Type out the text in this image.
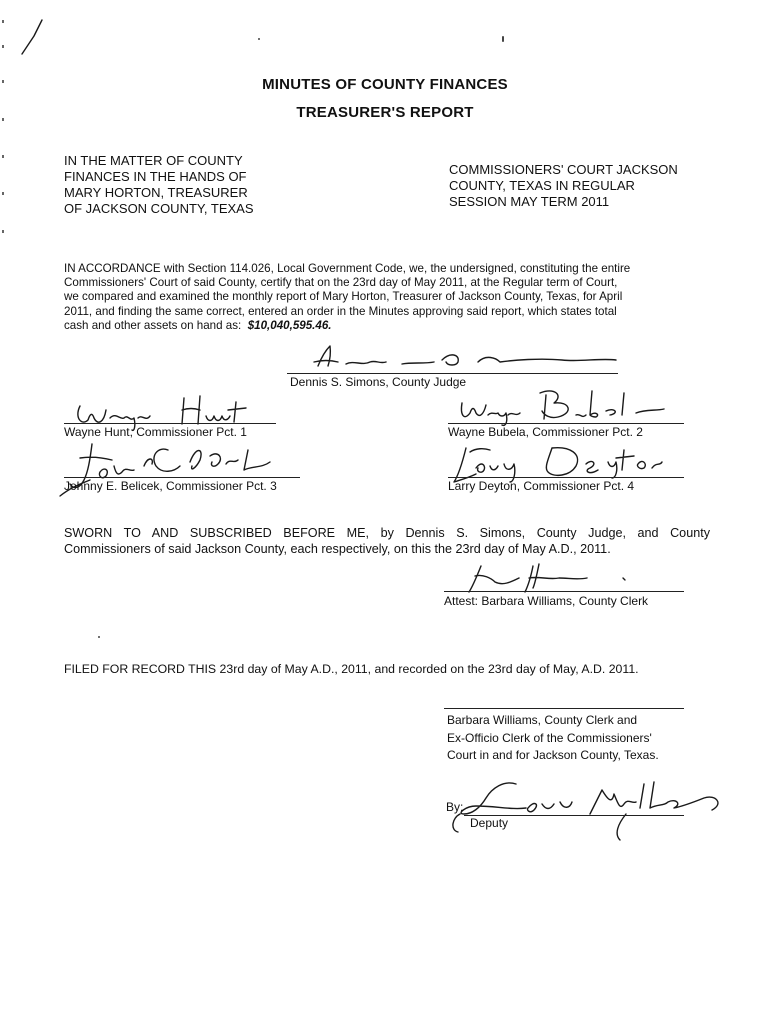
MINUTES OF COUNTY FINANCES
TREASURER'S REPORT
IN THE MATTER OF COUNTY
FINANCES IN THE HANDS OF
MARY HORTON, TREASURER
OF JACKSON COUNTY, TEXAS
COMMISSIONERS' COURT JACKSON
COUNTY, TEXAS IN REGULAR
SESSION MAY TERM 2011
IN ACCORDANCE with Section 114.026, Local Government Code, we, the undersigned, constituting the entire
Commissioners' Court of said County, certify that on the 23rd day of May 2011, at the Regular term of Court,
we compared and examined the monthly report of Mary Horton, Treasurer of Jackson County, Texas, for April
2011, and finding the same correct, entered an order in the Minutes approving said report, which states total
cash and other assets on hand as: $10,040,595.46.
Dennis S. Simons, County Judge
Wayne Hunt, Commissioner Pct. 1	Wayne Bubela, Commissioner Pct. 2
Johnny E. Belicek, Commissioner Pct. 3	Larry Deyton, Commissioner Pct. 4
SWORN TO AND SUBSCRIBED BEFORE ME, by Dennis S. Simons, County Judge, and County
Commissioners of said Jackson County, each respectively, on this the 23rd day of May A.D., 2011.
Attest: Barbara Williams, County Clerk
FILED FOR RECORD THIS 23rd day of May A.D., 2011, and recorded on the 23rd day of May, A.D. 2011.
Barbara Williams, County Clerk and
Ex-Officio Clerk of the Commissioners'
Court in and for Jackson County, Texas.
By:
Deputy
